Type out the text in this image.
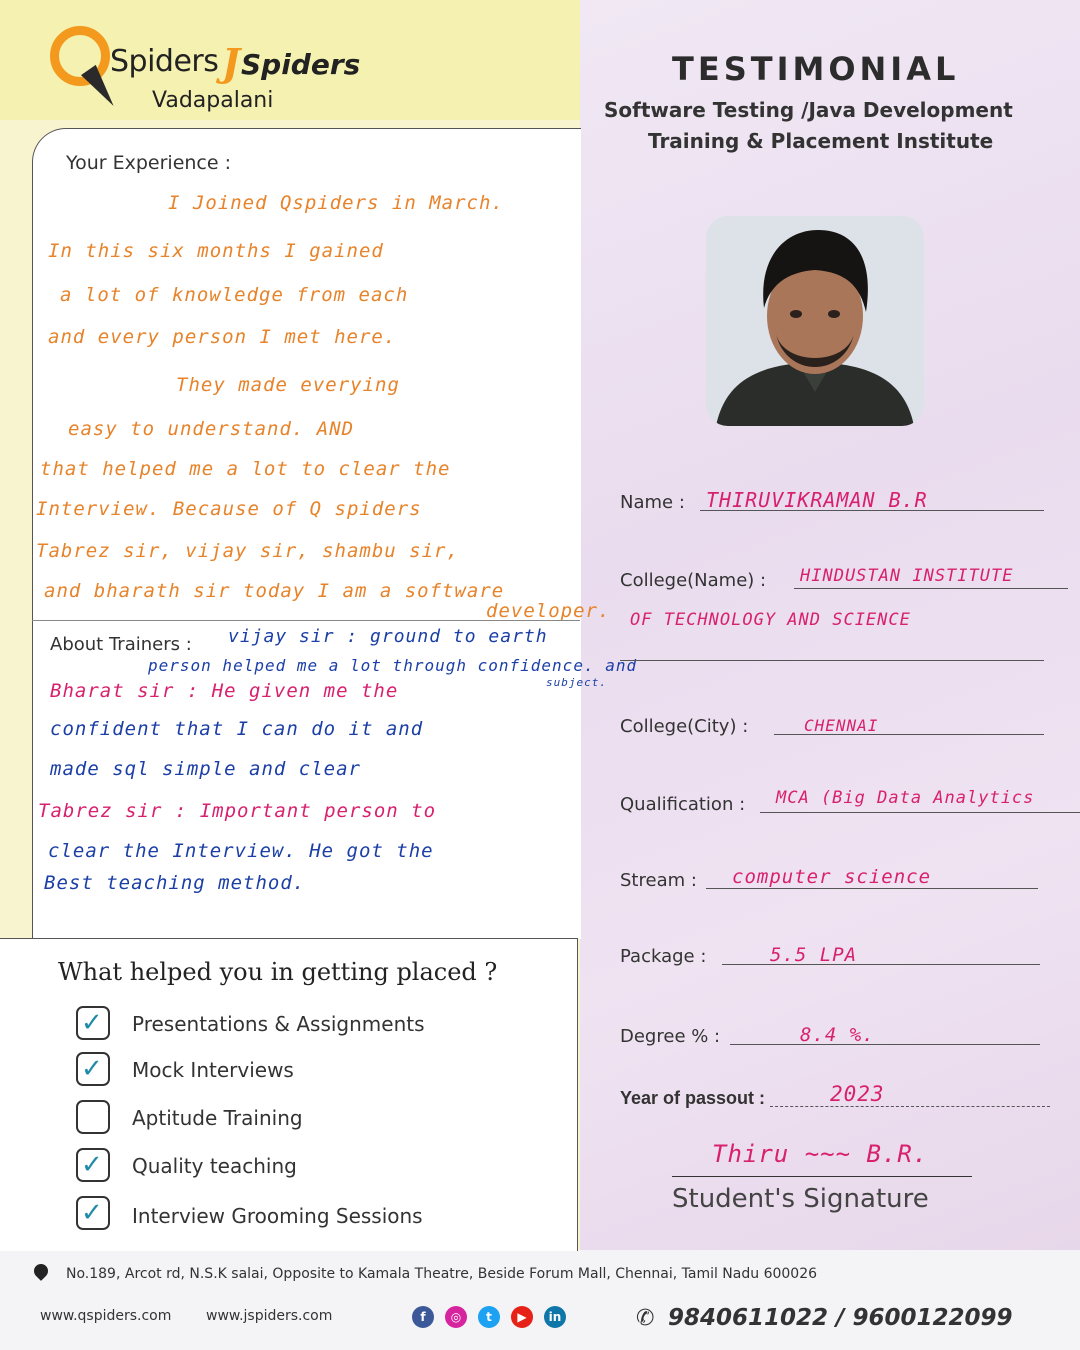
Spiders J Spiders
Vadapalani
TESTIMONIAL
Software Testing /Java Development
Training & Placement Institute
Your Experience :
I Joined Qspiders in March.
In this six months I gained
a lot of knowledge from each
and every person I met here.
They made everying
easy to understand. AND
that helped me a lot to clear the
Interview. Because of Q spiders
Tabrez sir, vijay sir, shambu sir,
and bharath sir today I am a software
developer.
About Trainers : vijay sir : ground to earth
person helped me a lot through confidence. and
subject.
Bharat sir : He given me the
confident that I can do it and
made sql simple and clear
Tabrez sir : Important person to
clear the Interview. He got the
Best teaching method.
What helped you in getting placed ?
✓ Presentations & Assignments
✓ Mock Interviews
Aptitude Training
✓ Quality teaching
✓ Interview Grooming Sessions
Name : THIRUVIKRAMAN B.R
College(Name) : HINDUSTAN INSTITUTE
OF TECHNOLOGY AND SCIENCE
College(City) :	CHENNAI
Qualification : MCA (Big Data Analytics
Stream : computer science
Package :	5.5 LPA
Degree % :	8.4 %.
Year of passout :	2023
Thiru ~~~ B.R.
Student's Signature
No.189, Arcot rd, N.S.K salai, Opposite to Kamala Theatre, Beside Forum Mall, Chennai, Tamil Nadu 600026
www.qspiders.com www.jspiders.com	f	◎	t	▶	in	✆ 9840611022 / 9600122099
